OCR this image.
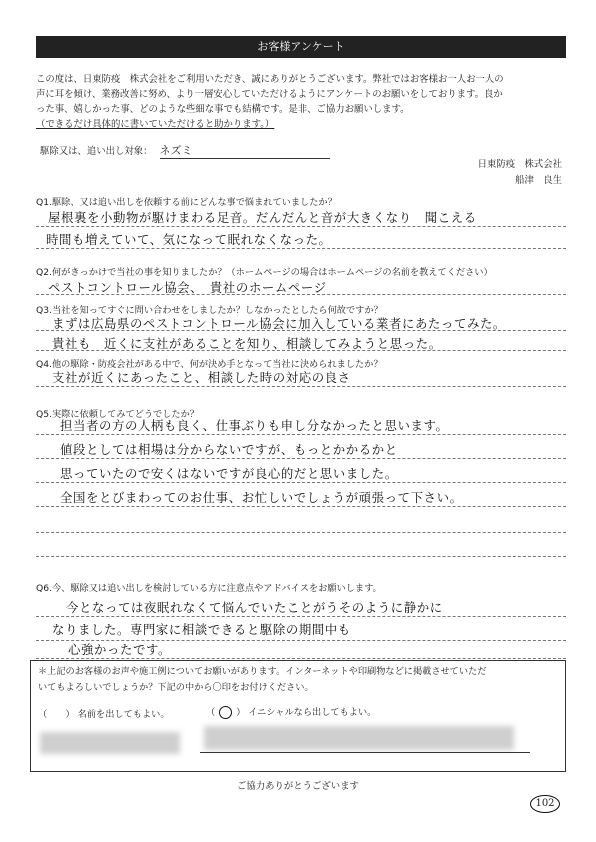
お客様アンケート

この度は、日東防疫　株式会社をご利用いただき、誠にありがとうございます。弊社ではお客様お一人お一人の

声に耳を傾け、業務改善に努め、より一層安心していただけるようにアンケートのお願いをしております。良か

った事、嬉しかった事、どのような些細な事でも結構です。是非、ご協力お願いします。

（できるだけ具体的に書いていただけると助かります。）

駆除又は、追い出し対象： ネズミ
日東防疫　株式会社
船津　良生
Q1.駆除、又は追い出しを依頼する前にどんな事で悩まれていましたか？
屋根裏を小動物が駆けまわる足音。だんだんと音が大きくなり　聞こえる
時間も増えていて、気になって眠れなくなった。
Q2.何がきっかけで当社の事を知りましたか？（ホームページの場合はホームページの名前を教えてください）
ペストコントロール協会、　貴社のホームページ
Q3.当社を知ってすぐに問い合わせをしましたか？しなかったとしたら何故ですか？
まずは広島県のペストコントロール協会に加入している業者にあたってみた。
貴社も　近くに支社があることを知り、相談してみようと思った。
Q4.他の駆除・防疫会社がある中で、何が決め手となって当社に決められましたか？
支社が近くにあったこと、相談した時の対応の良さ
Q5.実際に依頼してみてどうでしたか？
担当者の方の人柄も良く、仕事ぶりも申し分なかったと思います。
値段としては相場は分からないですが、もっとかかるかと
思っていたので安くはないですが良心的だと思いました。
全国をとびまわってのお仕事、お忙しいでしょうが頑張って下さい。
Q6.今、駆除又は追い出しを検討している方に注意点やアドバイスをお願いします。
今となっては夜眠れなくて悩んでいたことがうそのように静かに
なりました。専門家に相談できると駆除の期間中も
心強かったです。
＊上記のお客様のお声や施工例についてお願いがあります。インターネットや印刷物などに掲載させていただ
いてもよろしいでしょうか？下記の中から〇印をお付けください。
（　　） 名前を出してもよい。	（ ○ ） イニシャルなら出してもよい。
ご協力ありがとうございます
102
